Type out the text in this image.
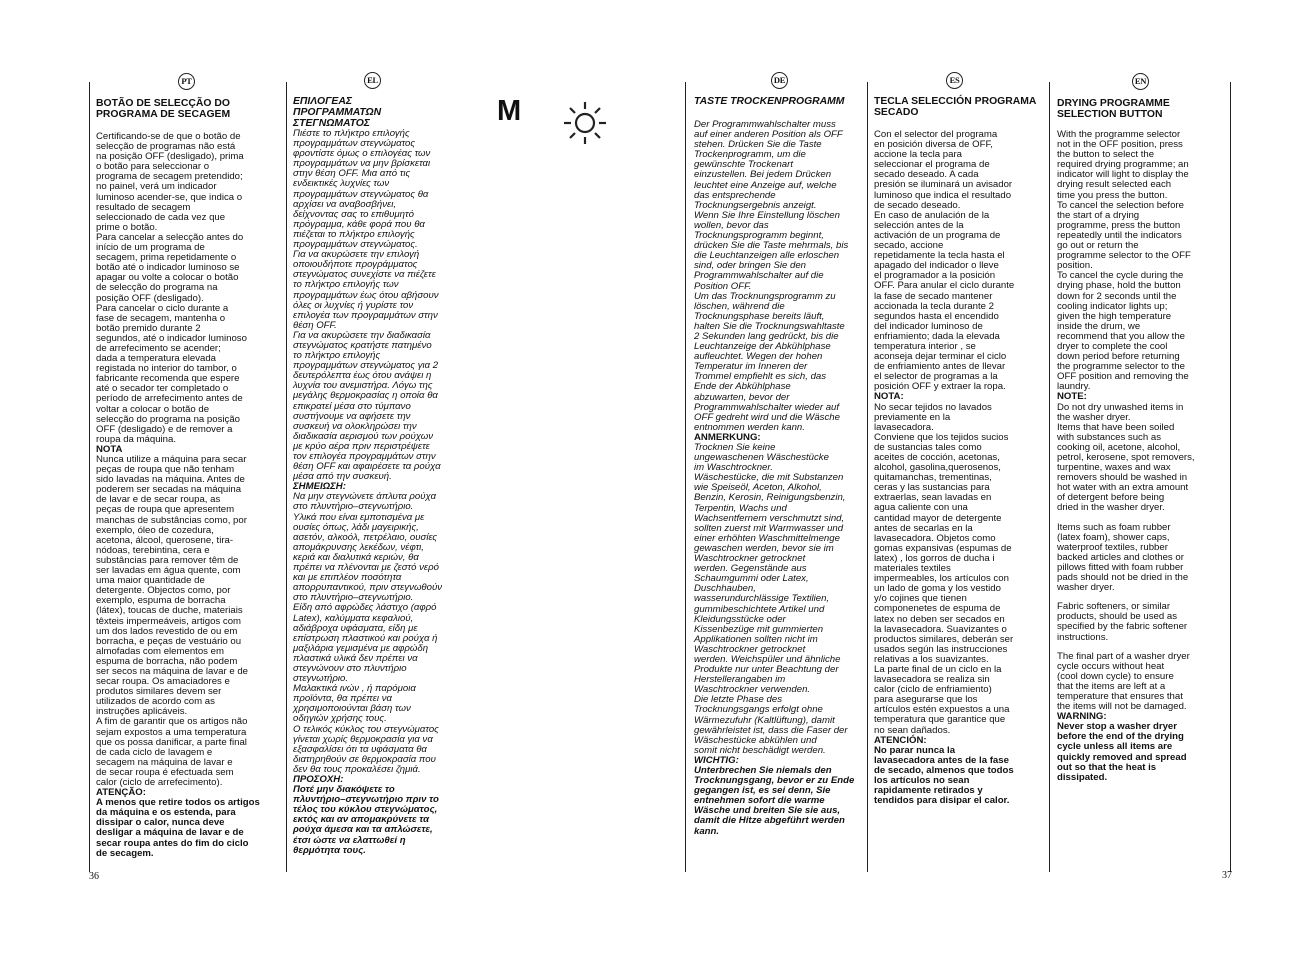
PT	EL	DE	ES	EN

BOTÃO DE SELECÇÃO DO
PROGRAMA DE SECAGEM

Certificando-se de que o botão de
selecção de programas não está
na posição OFF (desligado), prima
o botão para seleccionar o
programa de secagem pretendido;
no painel, verá um indicador
luminoso acender-se, que indica o
resultado de secagem
seleccionado de cada vez que
prime o botão.
Para cancelar a selecção antes do
início de um programa de
secagem, prima repetidamente o
botão até o indicador luminoso se
apagar ou volte a colocar o botão
de selecção do programa na
posição OFF (desligado).
Para cancelar o ciclo durante a
fase de secagem, mantenha o
botão premido durante 2
segundos, até o indicador luminoso
de arrefecimento se acender;
dada a temperatura elevada
registada no interior do tambor, o
fabricante recomenda que espere
até o secador ter completado o
período de arrefecimento antes de
voltar a colocar o botão de
selecção do programa na posição
OFF (desligado) e de remover a
roupa da máquina.

NOTA

Nunca utilize a máquina para secar
peças de roupa que não tenham
sido lavadas na máquina. Antes de
poderem ser secadas na máquina
de lavar e de secar roupa, as
peças de roupa que apresentem
manchas de substâncias como, por
exemplo, óleo de cozedura,
acetona, álcool, querosene, tira-
nódoas, terebintina, cera e
substâncias para remover têm de
ser lavadas em água quente, com
uma maior quantidade de
detergente. Objectos como, por
exemplo, espuma de borracha
(látex), toucas de duche, materiais
têxteis impermeáveis, artigos com
um dos lados revestido de ou em
borracha, e peças de vestuário ou
almofadas com elementos em
espuma de borracha, não podem
ser secos na máquina de lavar e de
secar roupa. Os amaciadores e
produtos similares devem ser
utilizados de acordo com as
instruções aplicáveis.
A fim de garantir que os artigos não
sejam expostos a uma temperatura
que os possa danificar, a parte final
de cada ciclo de lavagem e
secagem na máquina de lavar e
de secar roupa é efectuada sem
calor (ciclo de arrefecimento).

ATENÇÃO:

A menos que retire todos os artigos
da máquina e os estenda, para
dissipar o calor, nunca deve
desligar a máquina de lavar e de
secar roupa antes do fim do ciclo
de secagem.

ΕΠΙΛΟΓΕΑΣ
ΠΡΟΓΡΑΜΜΑΤΩΝ
ΣΤΕΓΝΩΜΑΤΟΣ

Πιέστε το πλήκτρο επιλογής
προγραμμάτων στεγνώματος
φροντίστε όμως ο επιλογέας των
προγραμμάτων να μην βρίσκεται
στην θέση OFF. Μια από τις
ενδεικτικές λυχνίες των
προγραμμάτων στεγνώματος θα
αρχίσει να αναβοσβήνει,
δείχνοντας σας το επιθυμητό
πρόγραμμα, κάθε φορά που θα
πιέζεται το πλήκτρο επιλογής
προγραμμάτων στεγνώματος.
Για να ακυρώσετε την επιλογή
οποιουδήποτε προγράμματος
στεγνώματος συνεχίστε να πιέζετε
το πλήκτρο επιλογής των
προγραμμάτων έως ότου αβήσουν
όλες οι λυχνίες ή γυρίστε τον
επιλογέα των προγραμμάτων στην
θέση OFF.
Για να ακυρώσετε την διαδικασία
στεγνώματος κρατήστε πατημένο
το πλήκτρο επιλογής
προγραμμάτων στεγνώματος για 2
δευτερόλεπτα έως ότου ανάψει η
λυχνία του ανεμιστήρα. Λόγω της
μεγάλης θερμοκρασίας η οποία θα
επικρατεί μέσα στο τύμπανο
συστήνουμε να αφήσετε την
συσκευή να ολοκληρώσει την
διαδικασία αερισμού των ρούχων
με κρύο αέρα πριν περιστρέψετε
τον επιλογέα προγραμμάτων στην
θέση OFF και αφαιρέσετε τα ρούχα
μέσα από την συσκευή.

ΣΗΜΕΙΩΣΗ:

Να μην στεγνώνετε άπλυτα ρούχα
στο πλυντήριο–στεγνωτήριο.
Υλικά που είναι εμποτισμένα με
ουσίες όπως, λάδι μαγειρικής,
ασετόν, αλκοόλ, πετρέλαιο, ουσίες
απομάκρυνσης λεκέδων, νέφτι,
κεριά και διαλυτικά κεριών, θα
πρέπει να πλένονται με ζεστό νερό
και με επιπλέον ποσότητα
απορρυπαντικού, πριν στεγνωθούν
στο πλυντήριο–στεγνωτήριο.
Είδη από αφρώδες λάστιχο (αφρό
Latex), καλύμματα κεφαλιού,
αδιάβροχα υφάσματα, είδη με
επίστρωση πλαστικού και ρούχα ή
μαξιλάρια γεμισμένα με αφρώδη
πλαστικά υλικά δεν πρέπει να
στεγνώνουν στο πλυντήριο
στεγνωτήριο.
Μαλακτικά ινών , ή παρόμοια
προϊόντα, θα πρέπει να
χρησιμοποιούνται βάση των
οδηγιών χρήσης τους.
Ο τελικός κύκλος του στεγνώματος
γίνεται χωρίς θερμοκρασία για να
εξασφαλίσει ότι τα υφάσματα θα
διατηρηθούν σε θερμοκρασία που
δεν θα τους προκαλέσει ζημιά.

ΠΡΟΣΟΧΗ:

Ποτέ μην διακόψετε το
πλυντήριο–στεγνωτήριο πριν το
τέλος του κύκλου στεγνώματος,
εκτός και αν απομακρύνετε τα
ρούχα άμεσα και τα απλώσετε,
έτσι ώστε να ελαττωθεί η
θερμότητα τους.

M	TASTE TROCKENPROGRAMM

Der Programmwahlschalter muss
auf einer anderen Position als OFF
stehen. Drücken Sie die Taste
Trockenprogramm, um die
gewünschte Trockenart
einzustellen. Bei jedem Drücken
leuchtet eine Anzeige auf, welche
das entsprechende
Trocknungsergebnis anzeigt.
Wenn Sie Ihre Einstellung löschen
wollen, bevor das
Trocknungsprogramm beginnt,
drücken Sie die Taste mehrmals, bis
die Leuchtanzeigen alle erloschen
sind, oder bringen Sie den
Programmwahlschalter auf die
Position OFF.
Um das Trocknungsprogramm zu
löschen, während die
Trocknungsphase bereits läuft,
halten Sie die Trocknungswahltaste
2 Sekunden lang gedrückt, bis die
Leuchtanzeige der Abkühlphase
aufleuchtet. Wegen der hohen
Temperatur im Inneren der
Trommel empfiehlt es sich, das
Ende der Abkühlphase
abzuwarten, bevor der
Programmwahlschalter wieder auf
OFF gedreht wird und die Wäsche
entnommen werden kann.

ANMERKUNG:

Trocknen Sie keine
ungewaschenen Wäschestücke
im Waschtrockner.
Wäschestücke, die mit Substanzen
wie Speiseöl, Aceton, Alkohol,
Benzin, Kerosin, Reinigungsbenzin,
Terpentin, Wachs und
Wachsentfernern verschmutzt sind,
sollten zuerst mit Warmwasser und
einer erhöhten Waschmittelmenge
gewaschen werden, bevor sie im
Waschtrockner getrocknet
werden. Gegenstände aus
Schaumgummi oder Latex,
Duschhauben,
wasserundurchlässige Textilien,
gummibeschichtete Artikel und
Kleidungsstücke oder
Kissenbezüge mit gummierten
Applikationen sollten nicht im
Waschtrockner getrocknet
werden. Weichspüler und ähnliche
Produkte nur unter Beachtung der
Herstellerangaben im
Waschtrockner verwenden.
Die letzte Phase des
Trocknungsgangs erfolgt ohne
Wärmezufuhr (Kaltlüftung), damit
gewährleistet ist, dass die Faser der
Wäschestücke abkühlen und
somit nicht beschädigt werden.

WICHTIG:

Unterbrechen Sie niemals den
Trocknungsgang, bevor er zu Ende
gegangen ist, es sei denn, Sie
entnehmen sofort die warme
Wäsche und breiten Sie sie aus,
damit die Hitze abgeführt werden
kann.

TECLA SELECCIÓN PROGRAMA
SECADO

Con el selector del programa
en posición diversa de OFF,
accione la tecla para
seleccionar el programa de
secado deseado. A cada
presión se iluminará un avisador
luminoso que indica el resultado
de secado deseado.
En caso de anulación de la
selección antes de la
activación de un programa de
secado, accione
repetidamente la tecla hasta el
apagado del indicador o lleve
el programador a la posición
OFF. Para anular el ciclo durante
la fase de secado mantener
accionada la tecla durante 2
segundos hasta el encendido
del indicador luminoso de
enfriamiento; dada la elevada
temperatura interior , se
aconseja dejar terminar el ciclo
de enfriamiento antes de llevar
el selector de programas a la
posición OFF y extraer la ropa.

NOTA:

No secar tejidos no lavados
previamente en la
lavasecadora.
Conviene que los tejidos sucios
de sustancias tales como
aceites de cocción, acetonas,
alcohol, gasolina,querosenos,
quitamanchas, trementinas,
ceras y las sustancias para
extraerlas, sean lavadas en
agua caliente con una
cantidad mayor de detergente
antes de secarlas en la
lavasecadora. Objetos como
gomas expansivas (espumas de
latex) , los gorros de ducha i
materiales textiles
impermeables, los artículos con
un lado de goma y los vestido
y/o cojines que tienen
componenetes de espuma de
latex no deben ser secados en
la lavasecadora. Suavizantes o
productos similares, deberán ser
usados según las instrucciones
relativas a los suavizantes.
La parte final de un ciclo en la
lavasecadora se realiza sin
calor (ciclo de enfriamiento)
para asegurarse que los
artículos estén expuestos a una
temperatura que garantice que
no sean dañados.

ATENCIÓN:

No parar nunca la
lavasecadora antes de la fase
de secado, almenos que todos
los artículos no sean
rapidamente retirados y
tendidos para disipar el calor.

DRYING PROGRAMME
SELECTION BUTTON

With the programme selector
not in the OFF position, press
the button to select the
required drying programme; an
indicator will light to display the
drying result selected each
time you press the button.
To cancel the selection before
the start of a drying
programme, press the button
repeatedly until the indicators
go out or return the
programme selector to the OFF
position.
To cancel the cycle during the
drying phase, hold the button
down for 2 seconds until the
cooling indicator lights up;
given the high temperature
inside the drum, we
recommend that you allow the
dryer to complete the cool
down period before returning
the programme selector to the
OFF position and removing the
laundry.

NOTE:

Do not dry unwashed items in
the washer dryer.
Items that have been soiled
with substances such as
cooking oil, acetone, alcohol,
petrol, kerosene, spot removers,
turpentine, waxes and wax
removers should be washed in
hot water with an extra amount
of detergent before being
dried in the washer dryer.

Items such as foam rubber
(latex foam), shower caps,
waterproof textiles, rubber
backed articles and clothes or
pillows fitted with foam rubber
pads should not be dried in the
washer dryer.

Fabric softeners, or similar
products, should be used as
specified by the fabric softener
instructions.

The final part of a washer dryer
cycle occurs without heat
(cool down cycle) to ensure
that the items are left at a
temperature that ensures that
the items will not be damaged.

WARNING:

Never stop a washer dryer
before the end of the drying
cycle unless all items are
quickly removed and spread
out so that the heat is
dissipated.

36	37
